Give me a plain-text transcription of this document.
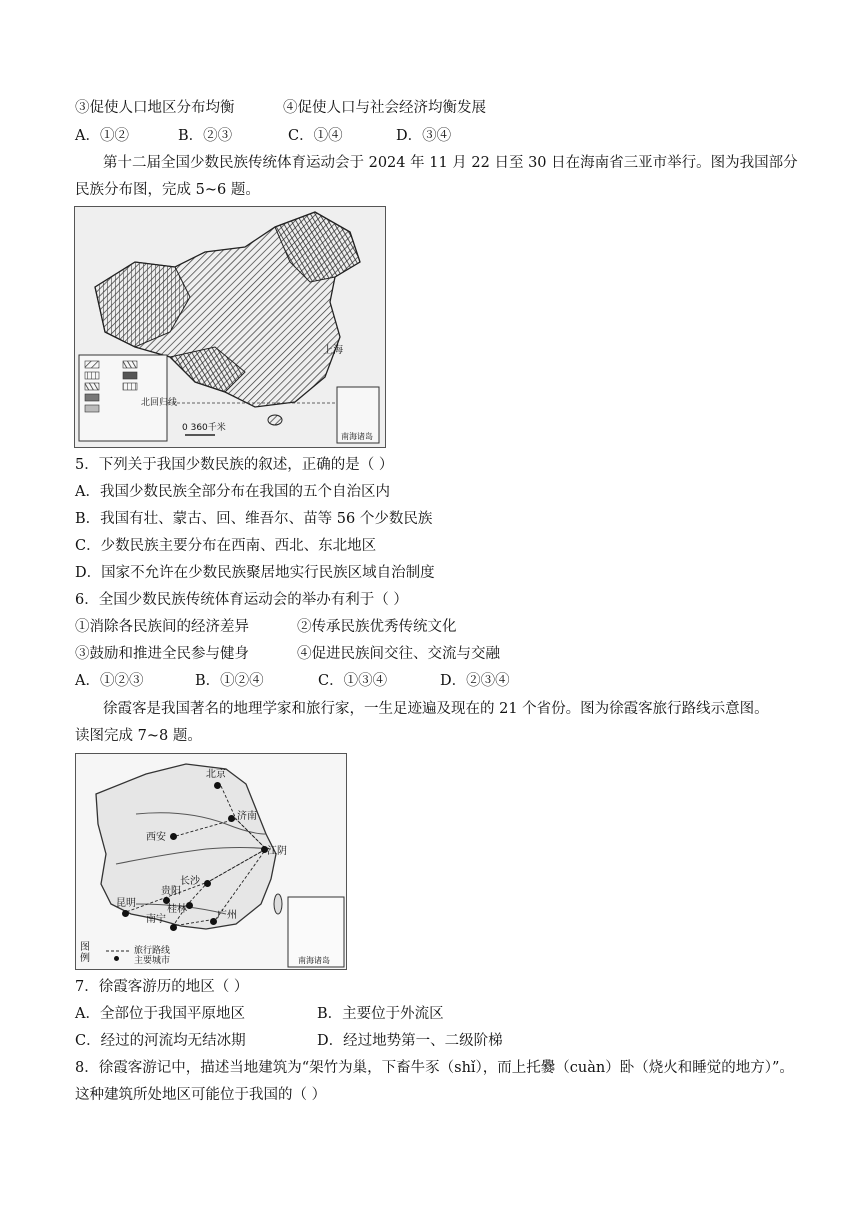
③促使人口地区分布均衡	④促使人口与社会经济均衡发展
A．①②	B．②③	C．①④	D．③④
第十二届全国少数民族传统体育运动会于 2024 年 11 月 22 日至 30 日在海南省三亚市举行。图为我国部分
民族分布图，完成 5~6 题。
上海
北回归线
0 360千米
南海诸岛
5．下列关于我国少数民族的叙述，正确的是（ ）
A．我国少数民族全部分布在我国的五个自治区内
B．我国有壮、蒙古、回、维吾尔、苗等 56 个少数民族
C．少数民族主要分布在西南、西北、东北地区
D．国家不允许在少数民族聚居地实行民族区域自治制度
6．全国少数民族传统体育运动会的举办有利于（ ）
①消除各民族间的经济差异	②传承民族优秀传统文化
③鼓励和推进全民参与健身	④促进民族间交往、交流与交融
A．①②③	B．①②④	C．①③④	D．②③④
徐霞客是我国著名的地理学家和旅行家，一生足迹遍及现在的 21 个省份。图为徐霞客旅行路线示意图。
读图完成 7~8 题。
北京
济南
西安
江阴
长沙
贵阳
昆明
桂林
南宁	广州
图例
旅行路线
主要城市	南海诸岛
7．徐霞客游历的地区（ ）
A．全部位于我国平原地区	B．主要位于外流区
C．经过的河流均无结冰期	D．经过地势第一、二级阶梯
8．徐霞客游记中，描述当地建筑为“架竹为巢，下畜牛豕（shǐ），而上托爨（cuàn）卧（烧火和睡觉的地方）”。
这种建筑所处地区可能位于我国的（ ）
